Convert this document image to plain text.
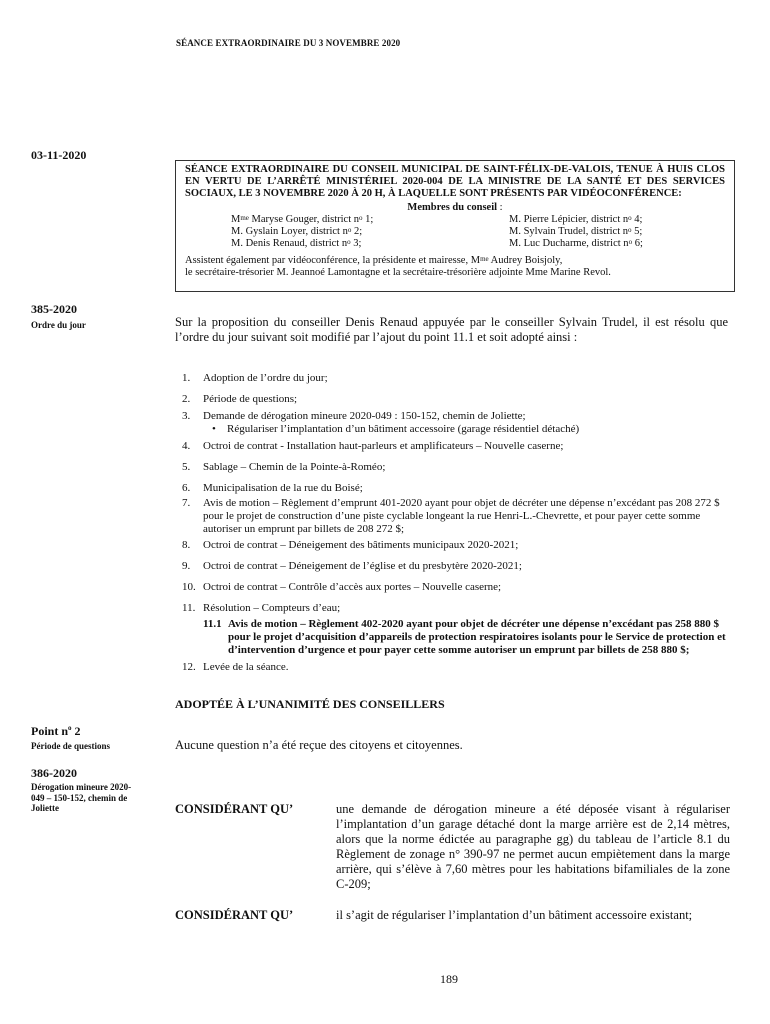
SÉANCE EXTRAORDINAIRE DU 3 NOVEMBRE 2020
03-11-2020
SÉANCE EXTRAORDINAIRE DU CONSEIL MUNICIPAL DE SAINT-FÉLIX-DE-VALOIS, TENUE À HUIS CLOS EN VERTU DE L’ARRÊTÉ MINISTÉRIEL 2020-004 DE LA MINISTRE DE LA SANTÉ ET DES SERVICES SOCIAUX, LE 3 NOVEMBRE 2020 À 20 H, À LAQUELLE SONT PRÉSENTS PAR VIDÉOCONFÉRENCE:
Membres du conseil :
$M^{me}$ Maryse Gouger, district $n^o$ 1;	M. Pierre Lépicier, district $n^o$ 4;
M. Gyslain Loyer, district $n^o$ 2;	M. Sylvain Trudel, district $n^o$ 5;
M. Denis Renaud, district $n^o$ 3;	M. Luc Ducharme, district $n^o$ 6;
Assistent également par vidéoconférence, la présidente et mairesse, $M^{me}$ Audrey Boisjoly,
le secrétaire-trésorier M. Jeannoé Lamontagne et la secrétaire-trésorière adjointe Mme Marine Revol.
385-2020
Ordre du jour	Sur la proposition du conseiller Denis Renaud appuyée par le conseiller Sylvain Trudel, il est résolu que l’ordre du jour suivant soit modifié par l’ajout du point 11.1 et soit adopté ainsi :
1.	Adoption de l’ordre du jour;
2.	Période de questions;
3.	Demande de dérogation mineure 2020-049 : 150-152, chemin de Joliette;
•	Régulariser l’implantation d’un bâtiment accessoire (garage résidentiel détaché)
4.	Octroi de contrat - Installation haut-parleurs et amplificateurs – Nouvelle caserne;
5.	Sablage – Chemin de la Pointe-à-Roméo;
6.	Municipalisation de la rue du Boisé;
7.	Avis de motion – Règlement d’emprunt 401-2020 ayant pour objet de décréter une dépense n’excédant pas 208 272 $ pour le projet de construction d’une piste cyclable longeant la rue Henri-L.-Chevrette, et pour payer cette somme autoriser un emprunt par billets de 208 272 $;
8.	Octroi de contrat – Déneigement des bâtiments municipaux 2020-2021;
9.	Octroi de contrat – Déneigement de l’église et du presbytère 2020-2021;
10. Octroi de contrat – Contrôle d’accès aux portes – Nouvelle caserne;
11. Résolution – Compteurs d’eau;
11.1 Avis de motion – Règlement 402-2020 ayant pour objet de décréter une dépense n’excédant pas 258 880 $ pour le projet d’acquisition d’appareils de protection respiratoires isolants pour le Service de protection et d’intervention d’urgence et pour payer cette somme autoriser un emprunt par billets de 258 880 $;
12. Levée de la séance.
ADOPTÉE À L’UNANIMITÉ DES CONSEILLERS
Point $n^o$ 2
Période de questions	Aucune question n’a été reçue des citoyens et citoyennes.
386-2020
Dérogation mineure 2020-049 – 150-152, chemin de Joliette	CONSIDÉRANT QU’	une demande de dérogation mineure a été déposée visant à régulariser l’implantation d’un garage détaché dont la marge arrière est de 2,14 mètres, alors que la norme édictée au paragraphe gg) du tableau de l’article 8.1 du Règlement de zonage n° 390-97 ne permet aucun empiètement dans la marge arrière, qui s’élève à 7,60 mètres pour les habitations bifamiliales de la zone C-209;
CONSIDÉRANT QU’	il s’agit de régulariser l’implantation d’un bâtiment accessoire existant;
189
